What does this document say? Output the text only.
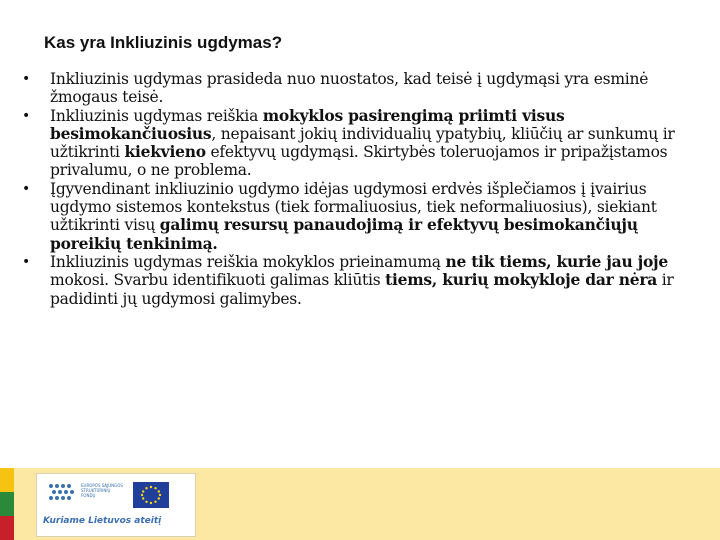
Kas yra Inkliuzinis ugdymas?
• Inkliuzinis ugdymas prasideda nuo nuostatos, kad teisė į ugdymąsi yra esminė žmogaus teisė.
• Inkliuzinis ugdymas reiškia mokyklos pasirengimą priimti visus besimokančiuosius, nepaisant jokių individualių ypatybių, kliūčių ar sunkumų ir užtikrinti kiekvieno efektyvų ugdymąsi. Skirtybės toleruojamos ir pripažįstamos privalumu, o ne problema.
• Įgyvendinant inkliuzinio ugdymo idėjas ugdymosi erdvės išplečiamos į įvairius ugdymo sistemos kontekstus (tiek formaliuosius, tiek neformaliuosius), siekiant užtikrinti visų galimų resursų panaudojimą ir efektyvų besimokančiųjų poreikių tenkinimą.
• Inkliuzinis ugdymas reiškia mokyklos prieinamumą ne tik tiems, kurie jau joje mokosi. Svarbu identifikuoti galimas kliūtis tiems, kurių mokykloje dar nėra ir padidinti jų ugdymosi galimybes.
EUROPOS SĄJUNGOS STRUKTŪRINIŲ FONDŲ
Kuriame Lietuvos ateitį
